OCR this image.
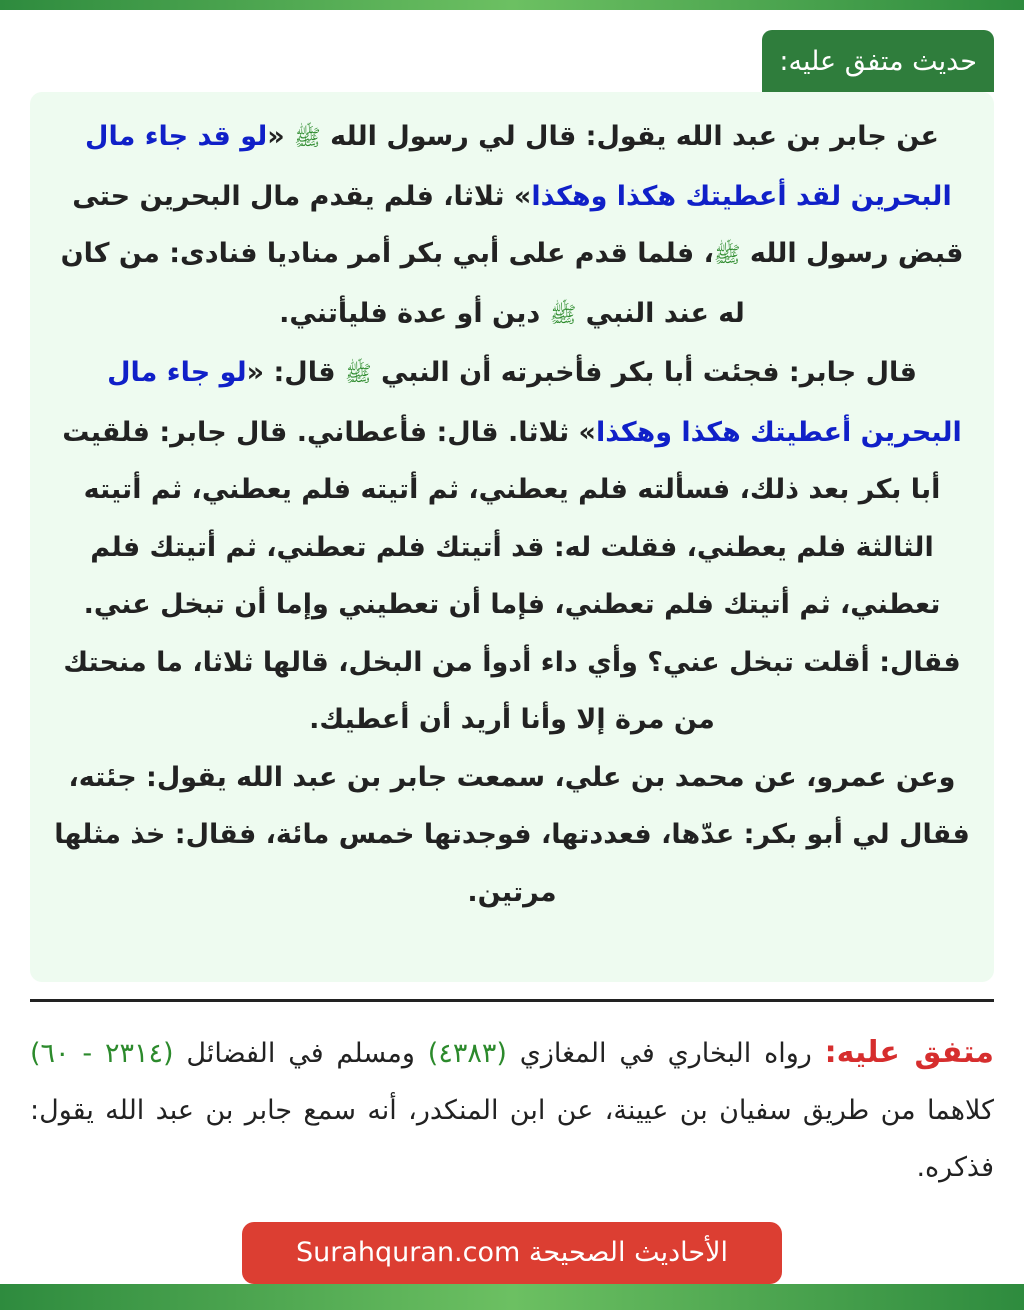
حديث متفق عليه:

عن جابر بن عبد الله يقول: قال لي رسول الله ﷺ «لو قد جاء مال البحرين لقد أعطيتك هكذا وهكذا» ثلاثا، فلم يقدم مال البحرين حتى قبض رسول الله ﷺ، فلما قدم على أبي بكر أمر مناديا فنادى: من كان له عند النبي ﷺ دين أو عدة فليأتني.

قال جابر: فجئت أبا بكر فأخبرته أن النبي ﷺ قال: «لو جاء مال البحرين أعطيتك هكذا وهكذا» ثلاثا. قال: فأعطاني. قال جابر: فلقيت أبا بكر بعد ذلك، فسألته فلم يعطني، ثم أتيته فلم يعطني، ثم أتيته الثالثة فلم يعطني، فقلت له: قد أتيتك فلم تعطني، ثم أتيتك فلم تعطني، ثم أتيتك فلم تعطني، فإما أن تعطيني وإما أن تبخل عني. فقال: أقلت تبخل عني؟ وأي داء أدوأ من البخل، قالها ثلاثا، ما منحتك من مرة إلا وأنا أريد أن أعطيك.

وعن عمرو، عن محمد بن علي، سمعت جابر بن عبد الله يقول: جئته، فقال لي أبو بكر: عدّها، فعددتها، فوجدتها خمس مائة، فقال: خذ مثلها مرتين.

متفق عليه: رواه البخاري في المغازي (٤٣٨٣) ومسلم في الفضائل (٢٣١٤ - ٦٠) كلاهما من طريق سفيان بن عيينة، عن ابن المنكدر، أنه سمع جابر بن عبد الله يقول: فذكره.
الأحاديث الصحيحة Surahquran.com
